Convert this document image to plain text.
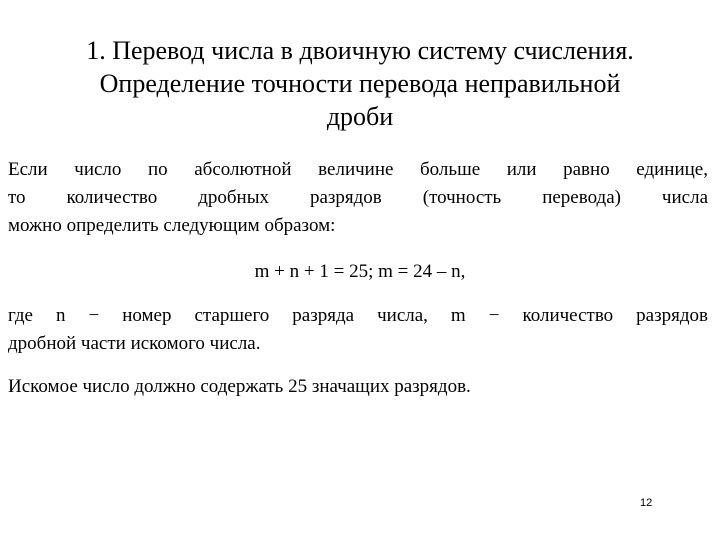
1. Перевод числа в двоичную систему счисления.
Определение точности перевода неправильной
дроби
Если число по абсолютной величине больше или равно единице,
то количество дробных разрядов (точность перевода) числа
можно определить следующим образом:
m + n + 1 = 25; m = 24 – n,
где n − номер старшего разряда числа, m − количество разрядов
дробной части искомого числа.
Искомое число должно содержать 25 значащих разрядов.
12
